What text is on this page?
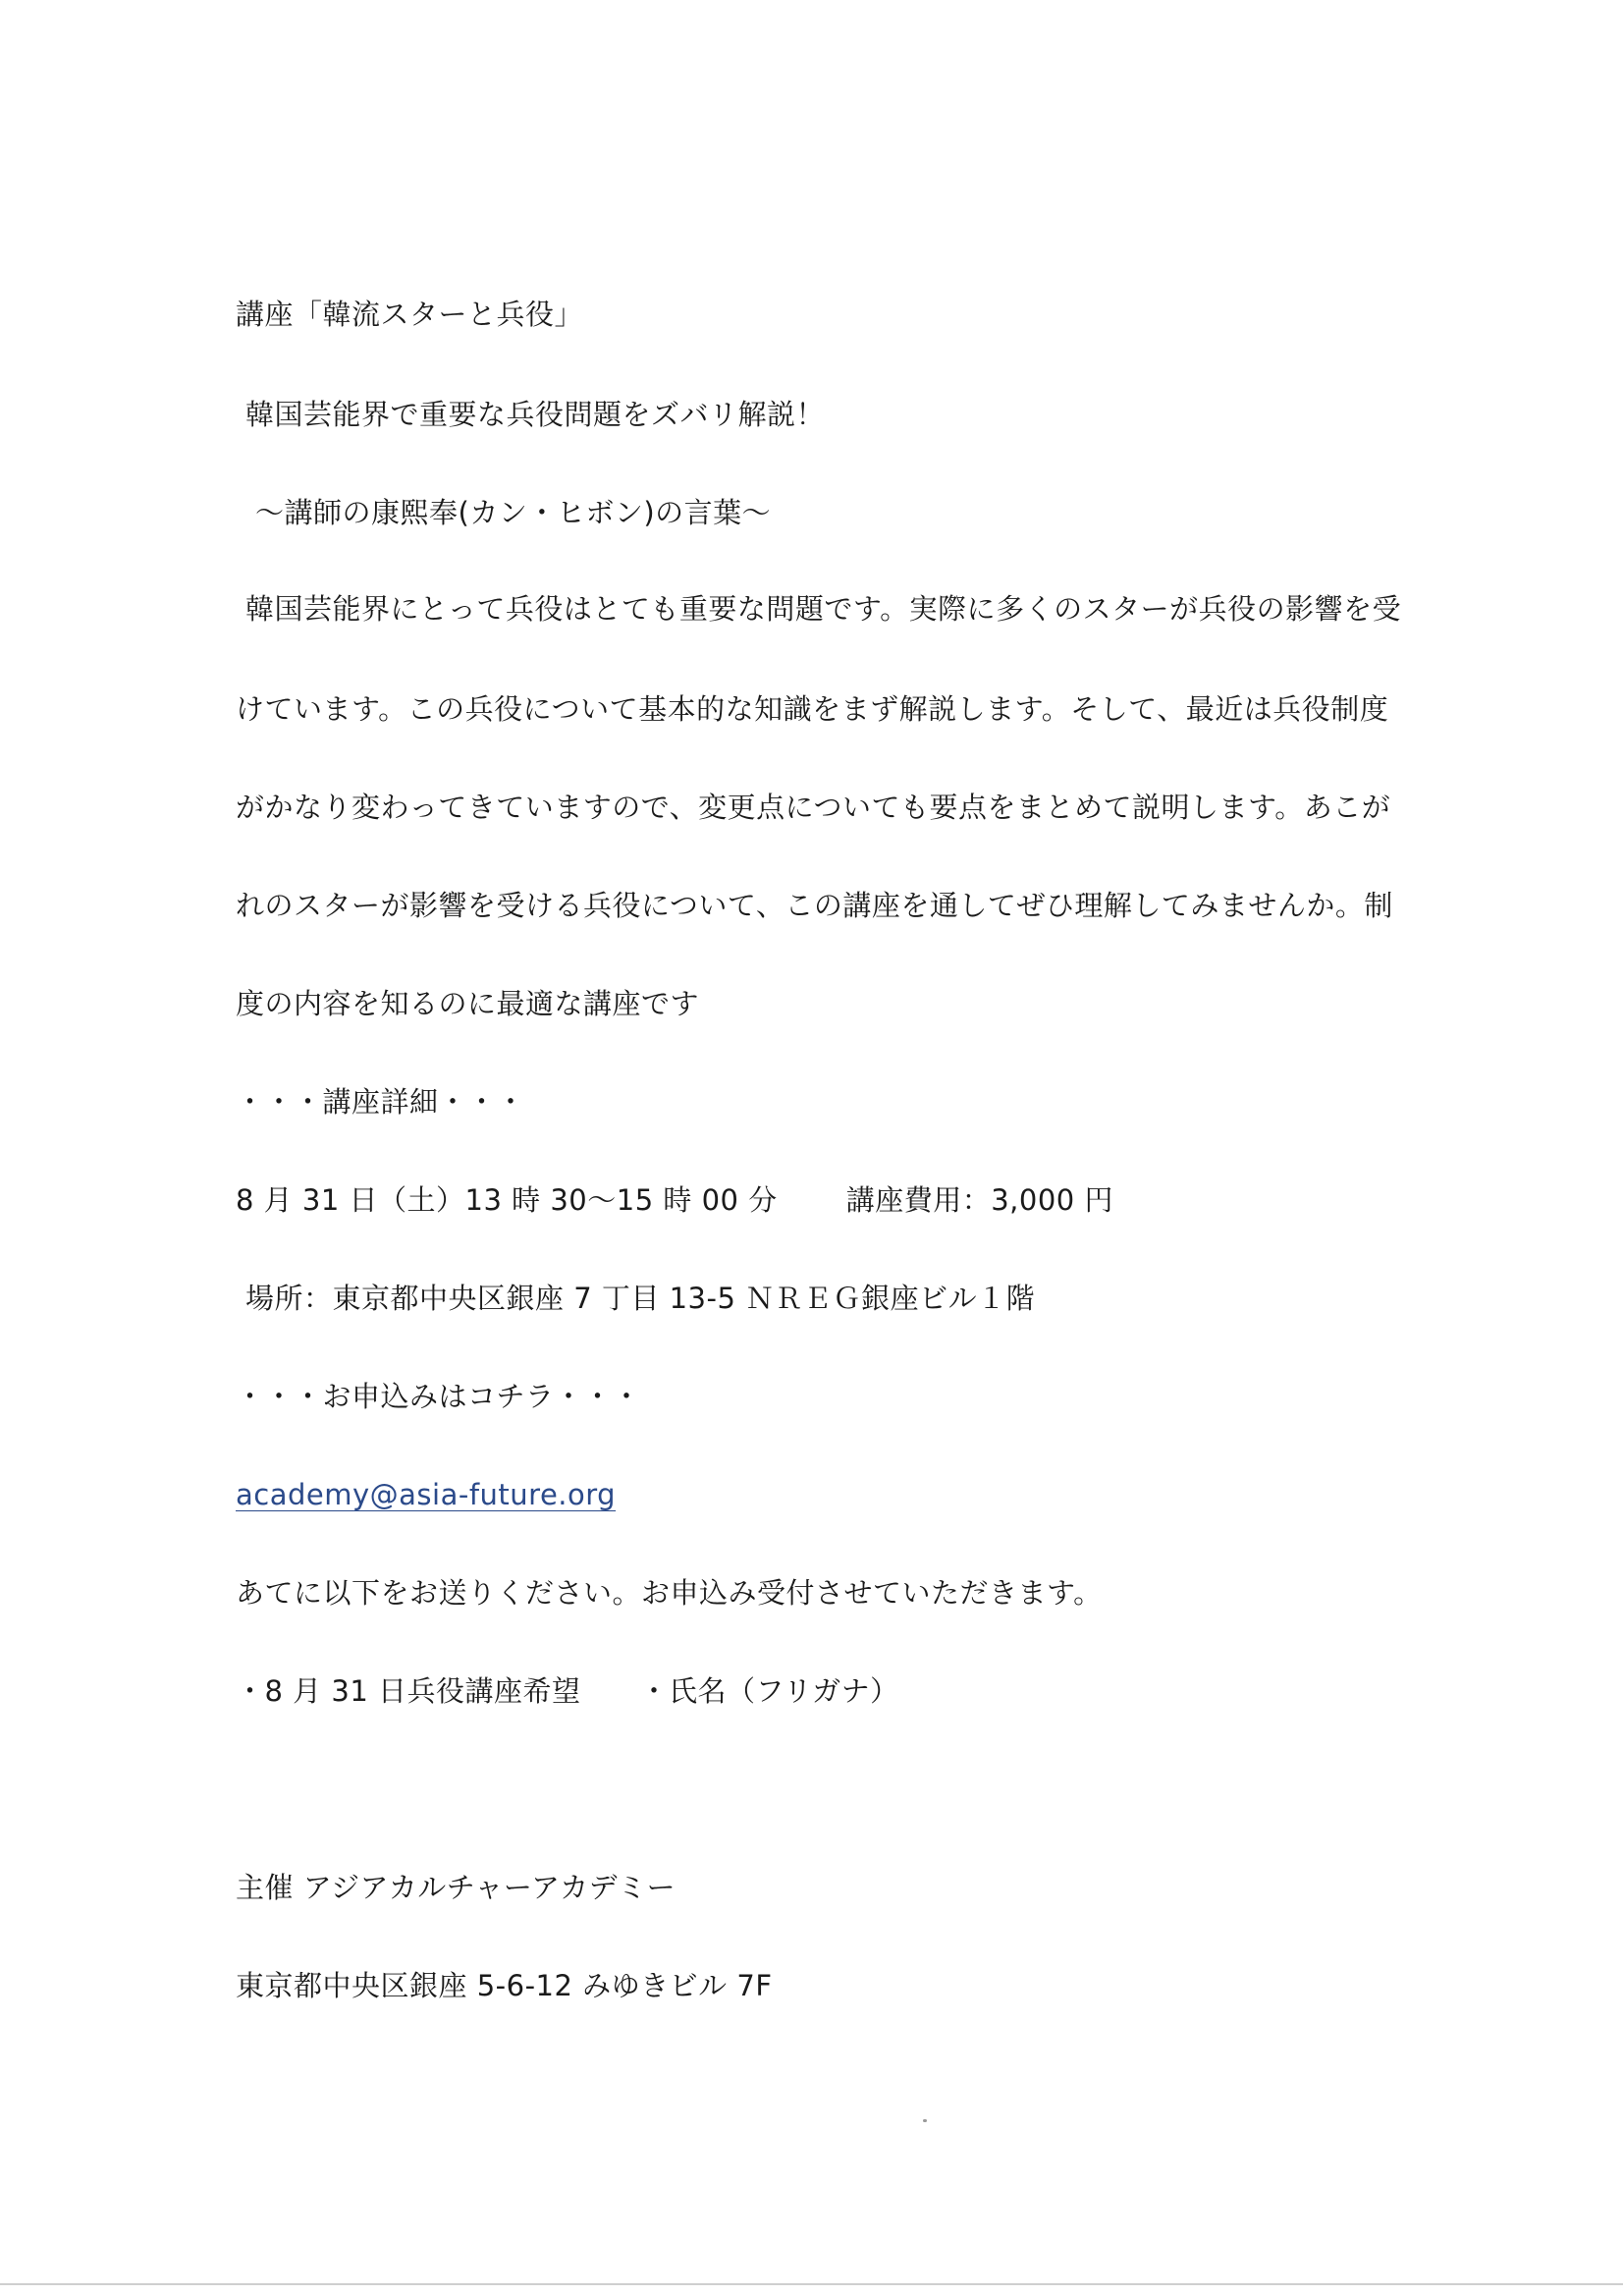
講座「韓流スターと兵役」
韓国芸能界で重要な兵役問題をズバリ解説！
～講師の康熙奉(カン・ヒボン)の言葉～
韓国芸能界にとって兵役はとても重要な問題です。実際に多くのスターが兵役の影響を受
けています。この兵役について基本的な知識をまず解説します。そして、最近は兵役制度
がかなり変わってきていますので、変更点についても要点をまとめて説明します。あこが
れのスターが影響を受ける兵役について、この講座を通してぜひ理解してみませんか。制
度の内容を知るのに最適な講座です
・・・講座詳細・・・
8 月 31 日（土）13 時 30～15 時 00 分 講座費用：3,000 円
場所：東京都中央区銀座 7 丁目 13-5 ＮＲＥＧ銀座ビル１階
・・・お申込みはコチラ・・・
academy@asia-future.org
あてに以下をお送りください。お申込み受付させていただきます。
・8 月 31 日兵役講座希望 ・氏名（フリガナ）
主催 アジアカルチャーアカデミー
東京都中央区銀座 5-6-12 みゆきビル 7F
